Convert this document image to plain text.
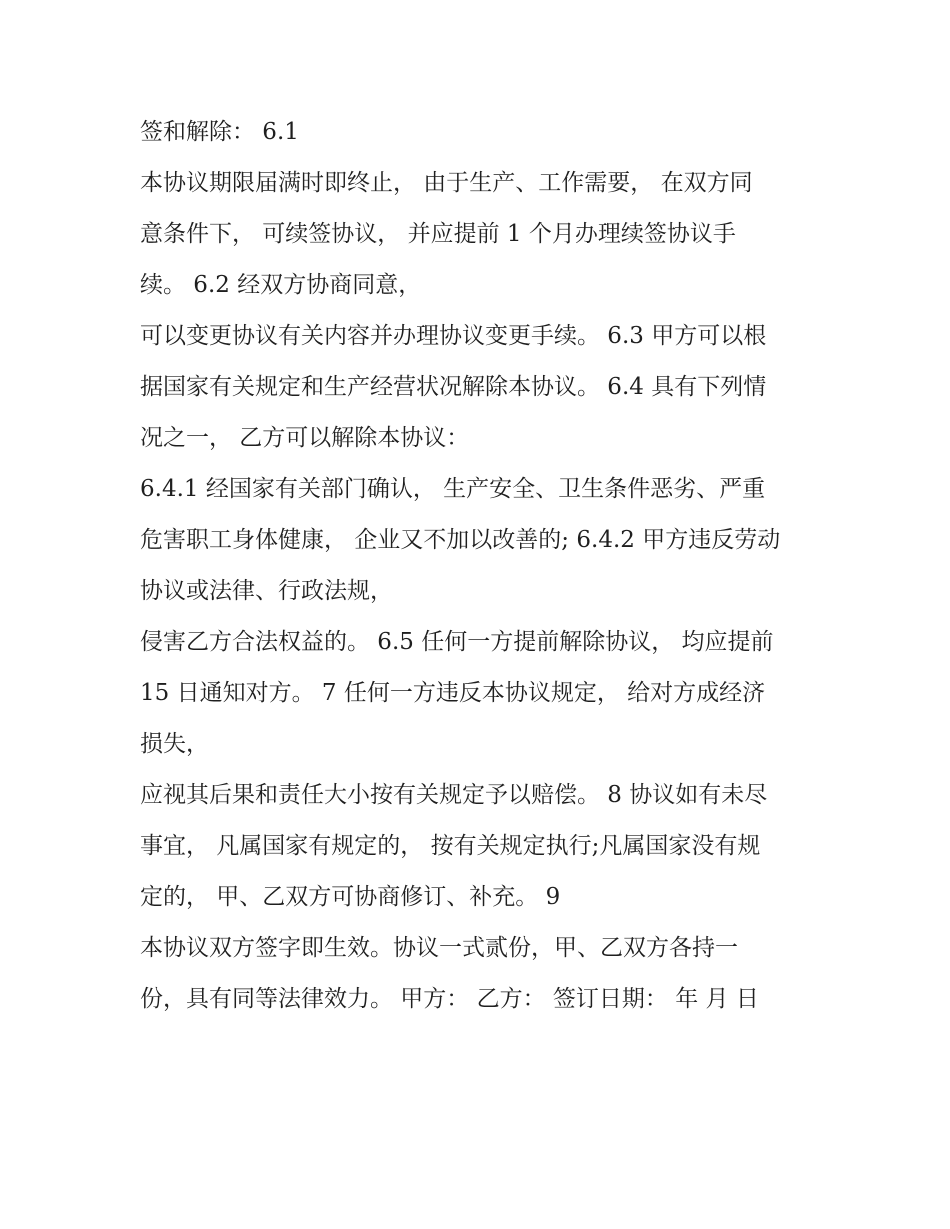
签和解除： 6.1
本协议期限届满时即终止， 由于生产、工作需要， 在双方同
意条件下， 可续签协议， 并应提前 1 个月办理续签协议手
续。 6.2 经双方协商同意，
可以变更协议有关内容并办理协议变更手续。 6.3 甲方可以根
据国家有关规定和生产经营状况解除本协议。 6.4 具有下列情
况之一， 乙方可以解除本协议：
6.4.1 经国家有关部门确认， 生产安全、卫生条件恶劣、严重
危害职工身体健康， 企业又不加以改善的; 6.4.2 甲方违反劳动
协议或法律、行政法规，
侵害乙方合法权益的。 6.5 任何一方提前解除协议， 均应提前
15 日通知对方。 7 任何一方违反本协议规定， 给对方成经济
损失，
应视其后果和责任大小按有关规定予以赔偿。 8 协议如有未尽
事宜， 凡属国家有规定的， 按有关规定执行;凡属国家没有规
定的， 甲、乙双方可协商修订、补充。 9
本协议双方签字即生效。协议一式贰份，甲、乙双方各持一
份，具有同等法律效力。 甲方： 乙方： 签订日期： 年 月 日
